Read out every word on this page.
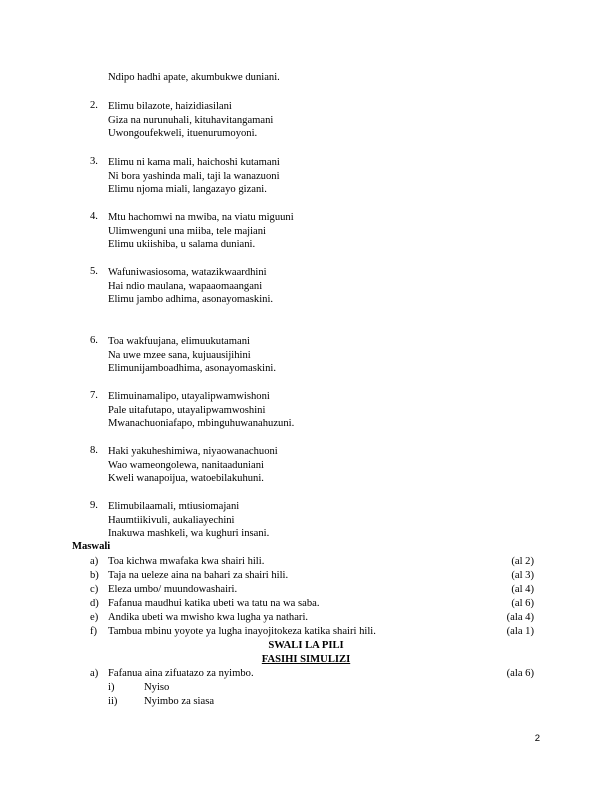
Ndipo hadhi apate, akumbukwe duniani.
2. Elimu bilazote, haizidiasilani
Giza na nurunuhali, kituhavitangamani
Uwongoufekweli, ituenurumoyoni.
3. Elimu ni kama mali, haichoshi kutamani
Ni bora yashinda mali, taji la wanazuoni
Elimu njoma miali, langazayo gizani.
4. Mtu hachomwi na mwiba, na viatu miguuni
Ulimwenguni una miiba, tele majiani
Elimu ukiishiba, u salama duniani.
5. Wafuniwasiosoma, watazikwaardhini
Hai ndio maulana, wapaaomaangani
Elimu jambo adhima, asonayomaskini.
6. Toa wakfuujana, elimuukutamani
Na uwe mzee sana, kujuausijihini
Elimunijamboadhima, asonayomaskini.
7. Elimuinamalipo, utayalipwamwishoni
Pale uitafutapo, utayalipwamwoshini
Mwanachuoniafapo, mbinguhuwanahuzuni.
8. Haki yakuheshimiwa, niyaowanachuoni
Wao wameongolewa, nanitaaduniani
Kweli wanapoijua, watoebilakuhuni.
9. Elimubilaamali, mtiusiomajani
Haumtiikivuli, aukaliayechini
Inakuwa mashkeli, wa kughuri insani.
Maswali
a) Toa kichwa mwafaka kwa shairi hili.	(al 2)
b) Taja na ueleze aina na bahari za shairi hili.	(al 3)
c) Eleza umbo/ muundowashairi.	(al 4)
d) Fafanua maudhui katika ubeti wa tatu na wa saba.	(al 6)
e) Andika ubeti wa mwisho kwa lugha ya nathari.	(ala 4)
f) Tambua mbinu yoyote ya lugha inayojitokeza katika shairi hili.	(ala 1)
SWALI LA PILI
FASIHI SIMULIZI
a) Fafanua aina zifuatazo za nyimbo.	(ala 6)
i)	Nyiso
ii)	Nyimbo za siasa
2
